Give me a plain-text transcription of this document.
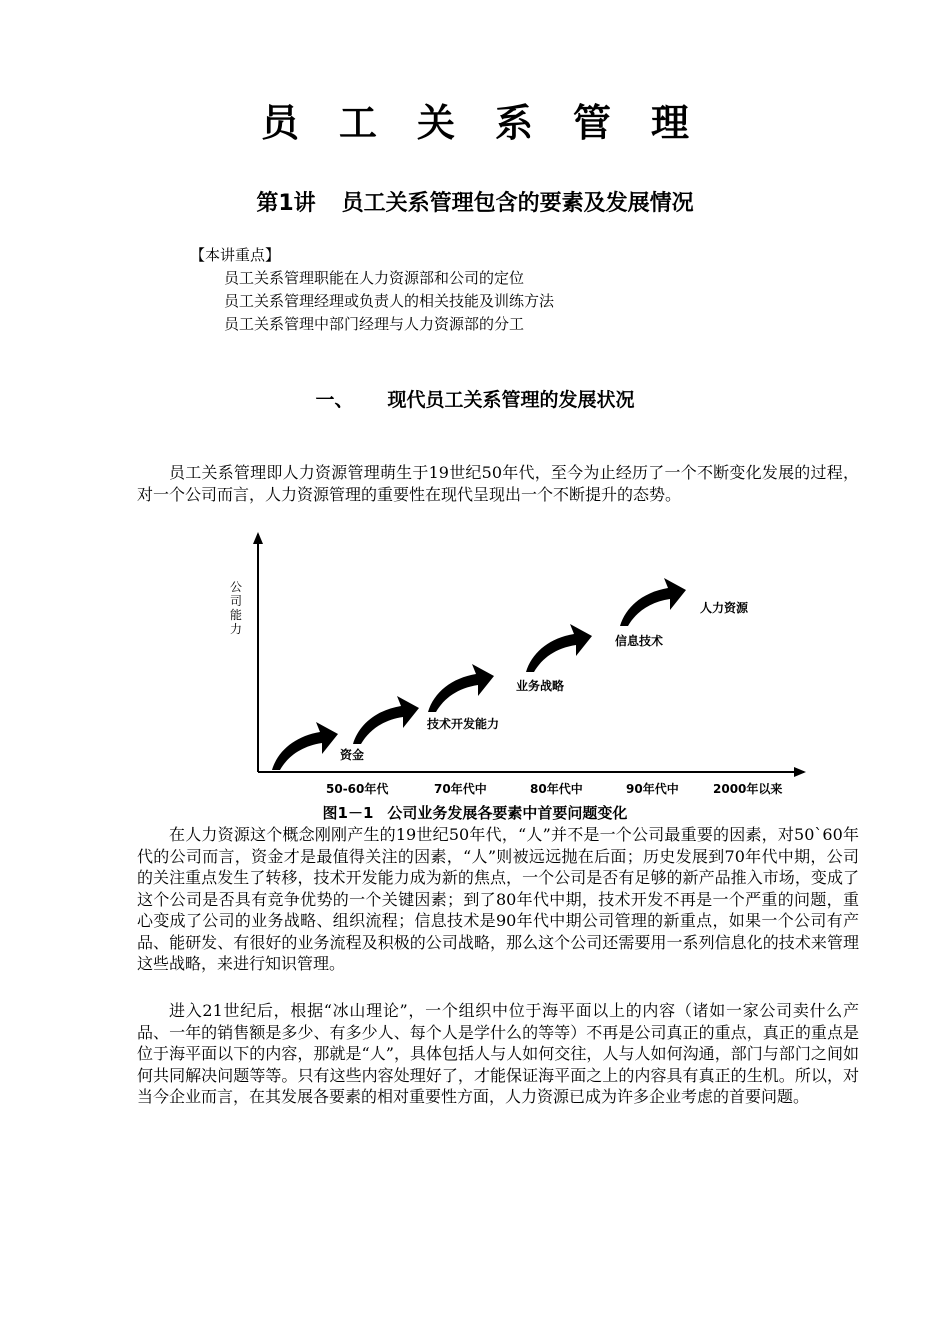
员工关系管理
第1讲 员工关系管理包含的要素及发展情况
【本讲重点】
员工关系管理职能在人力资源部和公司的定位
员工关系管理经理或负责人的相关技能及训练方法
员工关系管理中部门经理与人力资源部的分工
一、 现代员工关系管理的发展状况
员工关系管理即人力资源管理萌生于19世纪50年代，至今为止经历了一个不断变化发展的过程，对一个公司而言，人力资源管理的重要性在现代呈现出一个不断提升的态势。
公司能力
资金
技术开发能力
业务战略
信息技术
人力资源
50-60年代	70年代中	80年代中	90年代中	2000年以来
图1－1 公司业务发展各要素中首要问题变化
在人力资源这个概念刚刚产生的19世纪50年代，“人”并不是一个公司最重要的因素，对50`60年代的公司而言，资金才是最值得关注的因素，“人”则被远远抛在后面；历史发展到70年代中期，公司的关注重点发生了转移，技术开发能力成为新的焦点，一个公司是否有足够的新产品推入市场，变成了这个公司是否具有竞争优势的一个关键因素；到了80年代中期，技术开发不再是一个严重的问题，重心变成了公司的业务战略、组织流程；信息技术是90年代中期公司管理的新重点，如果一个公司有产品、能研发、有很好的业务流程及积极的公司战略，那么这个公司还需要用一系列信息化的技术来管理这些战略，来进行知识管理。
进入21世纪后，根据“冰山理论”，一个组织中位于海平面以上的内容（诸如一家公司卖什么产品、一年的销售额是多少、有多少人、每个人是学什么的等等）不再是公司真正的重点，真正的重点是位于海平面以下的内容，那就是“人”，具体包括人与人如何交往，人与人如何沟通，部门与部门之间如何共同解决问题等等。只有这些内容处理好了，才能保证海平面之上的内容具有真正的生机。所以，对当今企业而言，在其发展各要素的相对重要性方面，人力资源已成为许多企业考虑的首要问题。
